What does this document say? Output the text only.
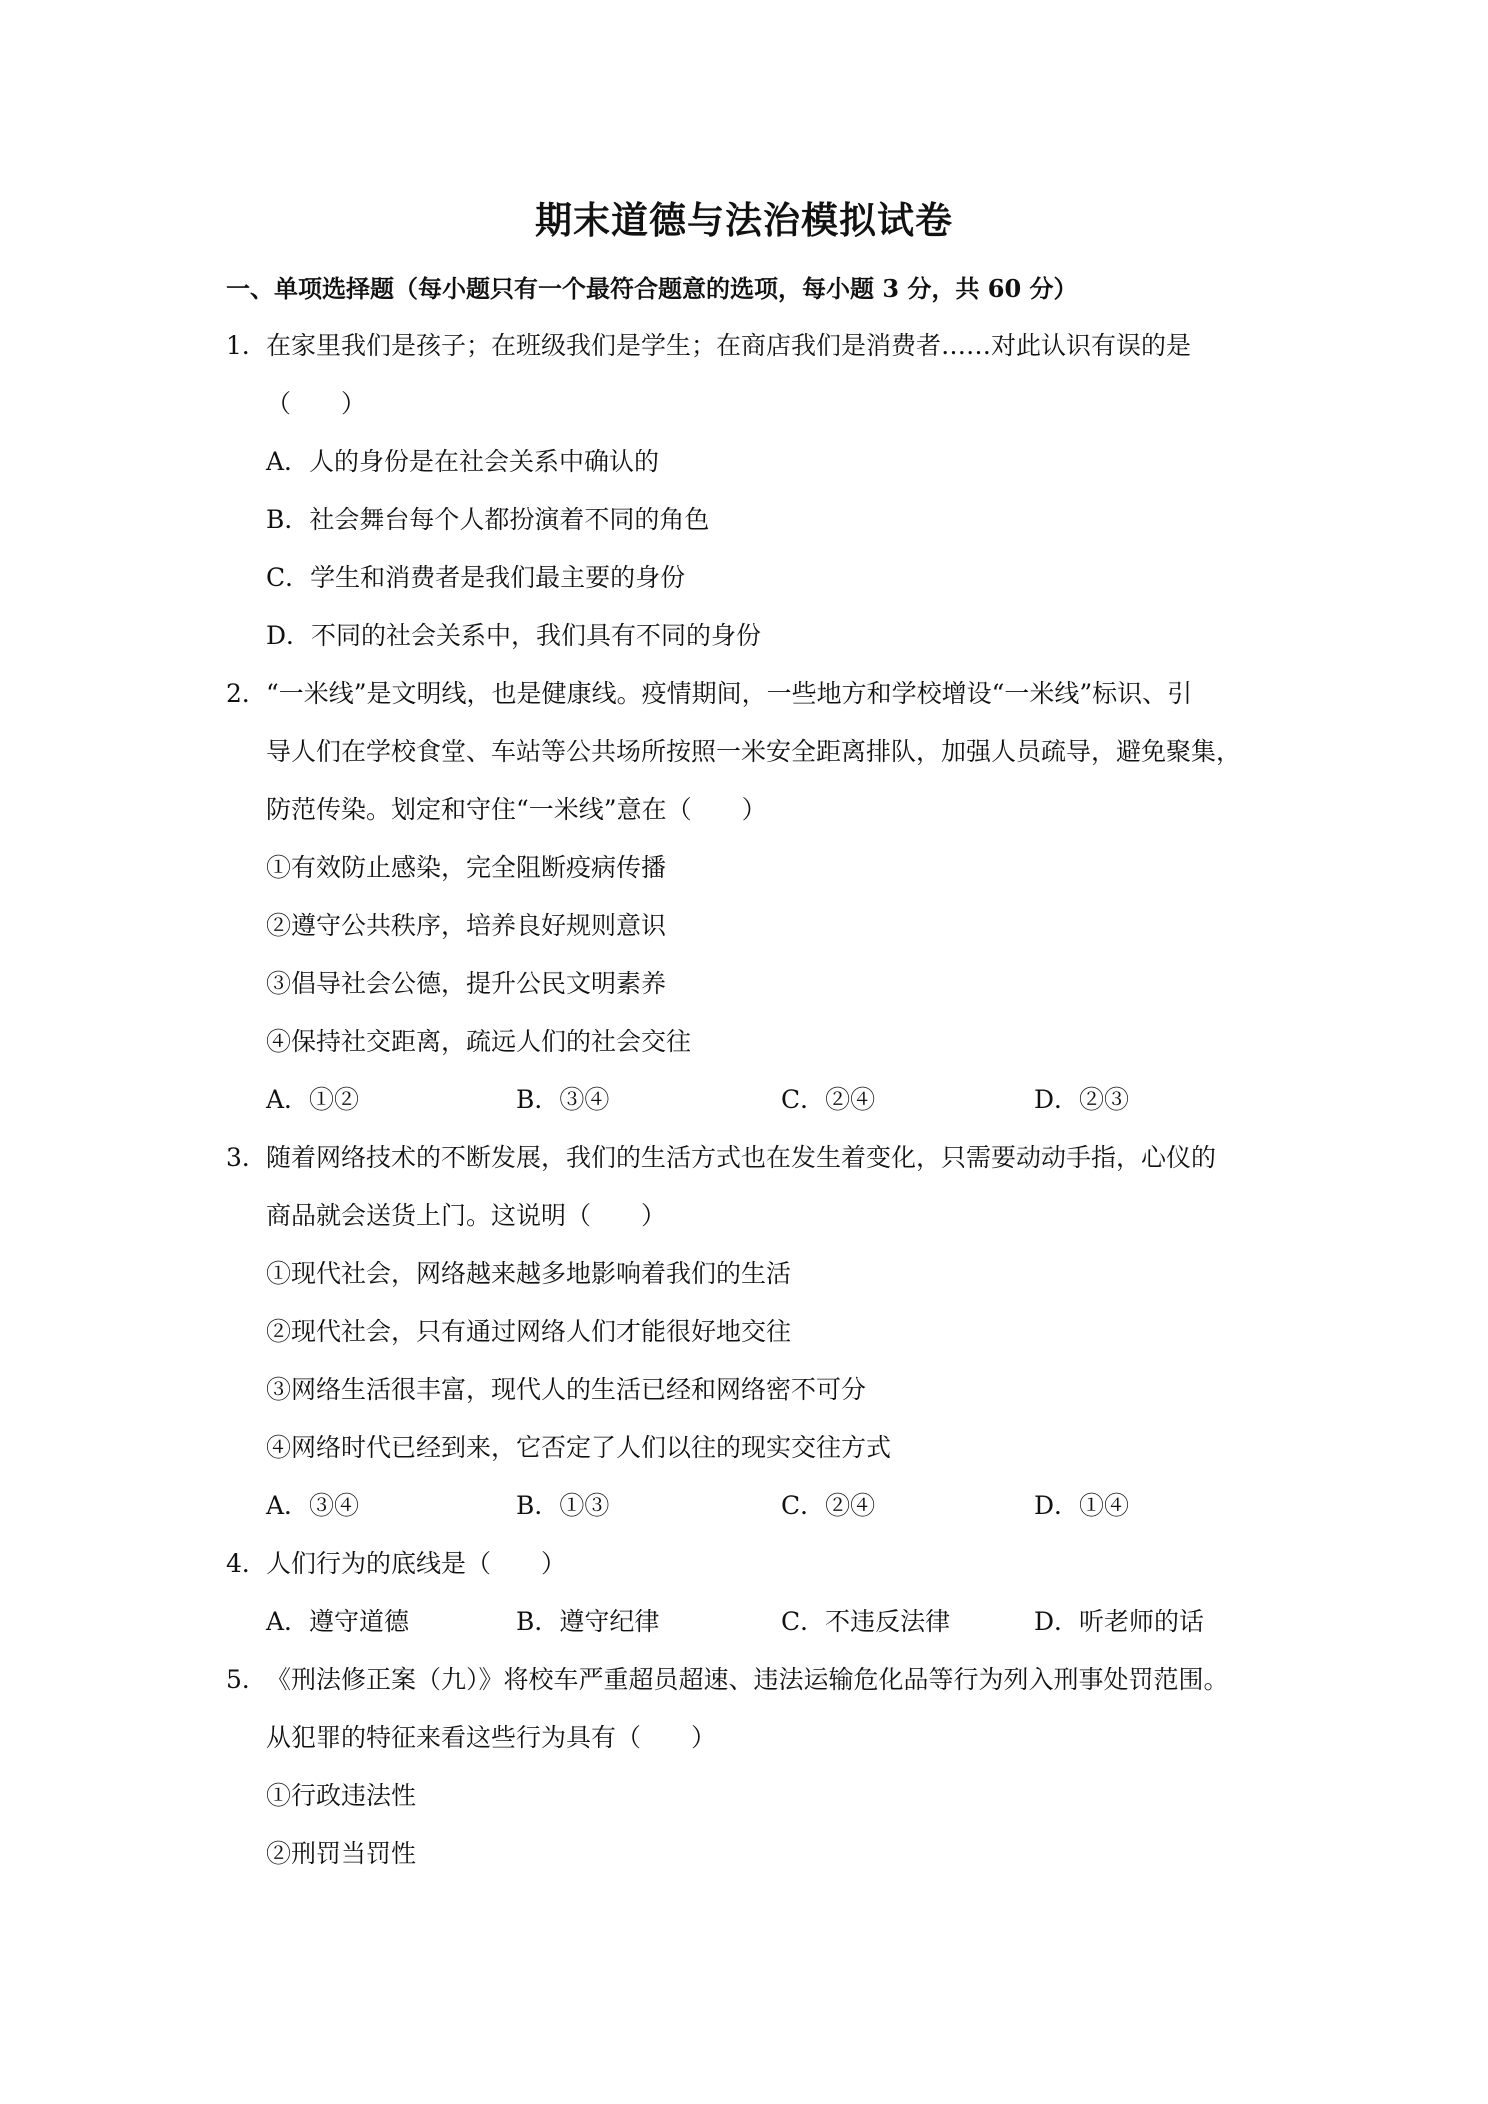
期末道德与法治模拟试卷
一、单项选择题（每小题只有一个最符合题意的选项，每小题 3 分，共 60 分）
1．在家里我们是孩子；在班级我们是学生；在商店我们是消费者……对此认识有误的是
（　　）
A．人的身份是在社会关系中确认的
B．社会舞台每个人都扮演着不同的角色
C．学生和消费者是我们最主要的身份
D．不同的社会关系中，我们具有不同的身份
2．“一米线”是文明线，也是健康线。疫情期间，一些地方和学校增设“一米线”标识、引
导人们在学校食堂、车站等公共场所按照一米安全距离排队，加强人员疏导，避免聚集，
防范传染。划定和守住“一米线”意在（　　）
①有效防止感染，完全阻断疫病传播
②遵守公共秩序，培养良好规则意识
③倡导社会公德，提升公民文明素养
④保持社交距离，疏远人们的社会交往
A．①②	B．③④	C．②④	D．②③
3．随着网络技术的不断发展，我们的生活方式也在发生着变化，只需要动动手指，心仪的
商品就会送货上门。这说明（　　）
①现代社会，网络越来越多地影响着我们的生活
②现代社会，只有通过网络人们才能很好地交往
③网络生活很丰富，现代人的生活已经和网络密不可分
④网络时代已经到来，它否定了人们以往的现实交往方式
A．③④	B．①③	C．②④	D．①④
4．人们行为的底线是（　　）
A．遵守道德	B．遵守纪律	C．不违反法律	D．听老师的话
5．《刑法修正案（九）》将校车严重超员超速、违法运输危化品等行为列入刑事处罚范围。
从犯罪的特征来看这些行为具有（　　）
①行政违法性
②刑罚当罚性
